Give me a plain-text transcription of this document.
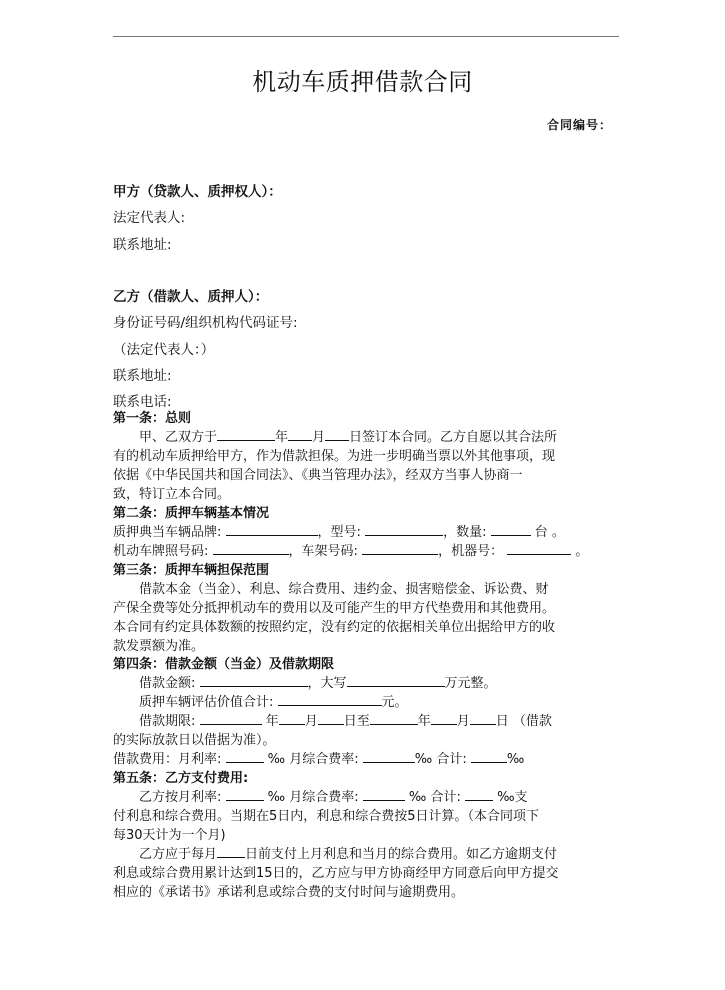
机动车质押借款合同
合同编号：
甲方（贷款人、质押权人）：
法定代表人:
联系地址:
乙方（借款人、质押人）：
身份证号码/组织机构代码证号:
（法定代表人：）
联系地址:
联系电话:
第一条：总则
甲、乙双方于	年 月 日签订本合同。乙方自愿以其合法所
有的机动车质押给甲方，作为借款担保。为进一步明确当票以外其他事项，现
依据《中华民国共和国合同法》、《典当管理办法》，经双方当事人协商一
致，特订立本合同。
第二条：质押车辆基本情况
质押典当车辆品牌:	，型号:	，数量:	台 。
机动车牌照号码:	，车架号码:	，机器号：	。
第三条：质押车辆担保范围
借款本金（当金）、利息、综合费用、违约金、损害赔偿金、诉讼费、财
产保全费等处分抵押机动车的费用以及可能产生的甲方代垫费用和其他费用。
本合同有约定具体数额的按照约定，没有约定的依据相关单位出据给甲方的收
款发票额为准。
第四条：借款金额（当金）及借款期限
借款金额:	，大写	万元整。
质押车辆评估价值合计:	元。
借款期限:	年 月 日至	年 月 日 （借款
的实际放款日以借据为准）。
借款费用：月利率:	‰ 月综合费率:	‰ 合计:	‰
第五条：乙方支付费用:
乙方按月利率:	‰ 月综合费率:	‰ 合计:	‰支
付利息和综合费用。当期在5日内，利息和综合费按5日计算。（本合同项下
每30天计为一个月)
乙方应于每月 日前支付上月利息和当月的综合费用。如乙方逾期支付
利息或综合费用累计达到15日的，乙方应与甲方协商经甲方同意后向甲方提交
相应的《承诺书》承诺利息或综合费的支付时间与逾期费用。
